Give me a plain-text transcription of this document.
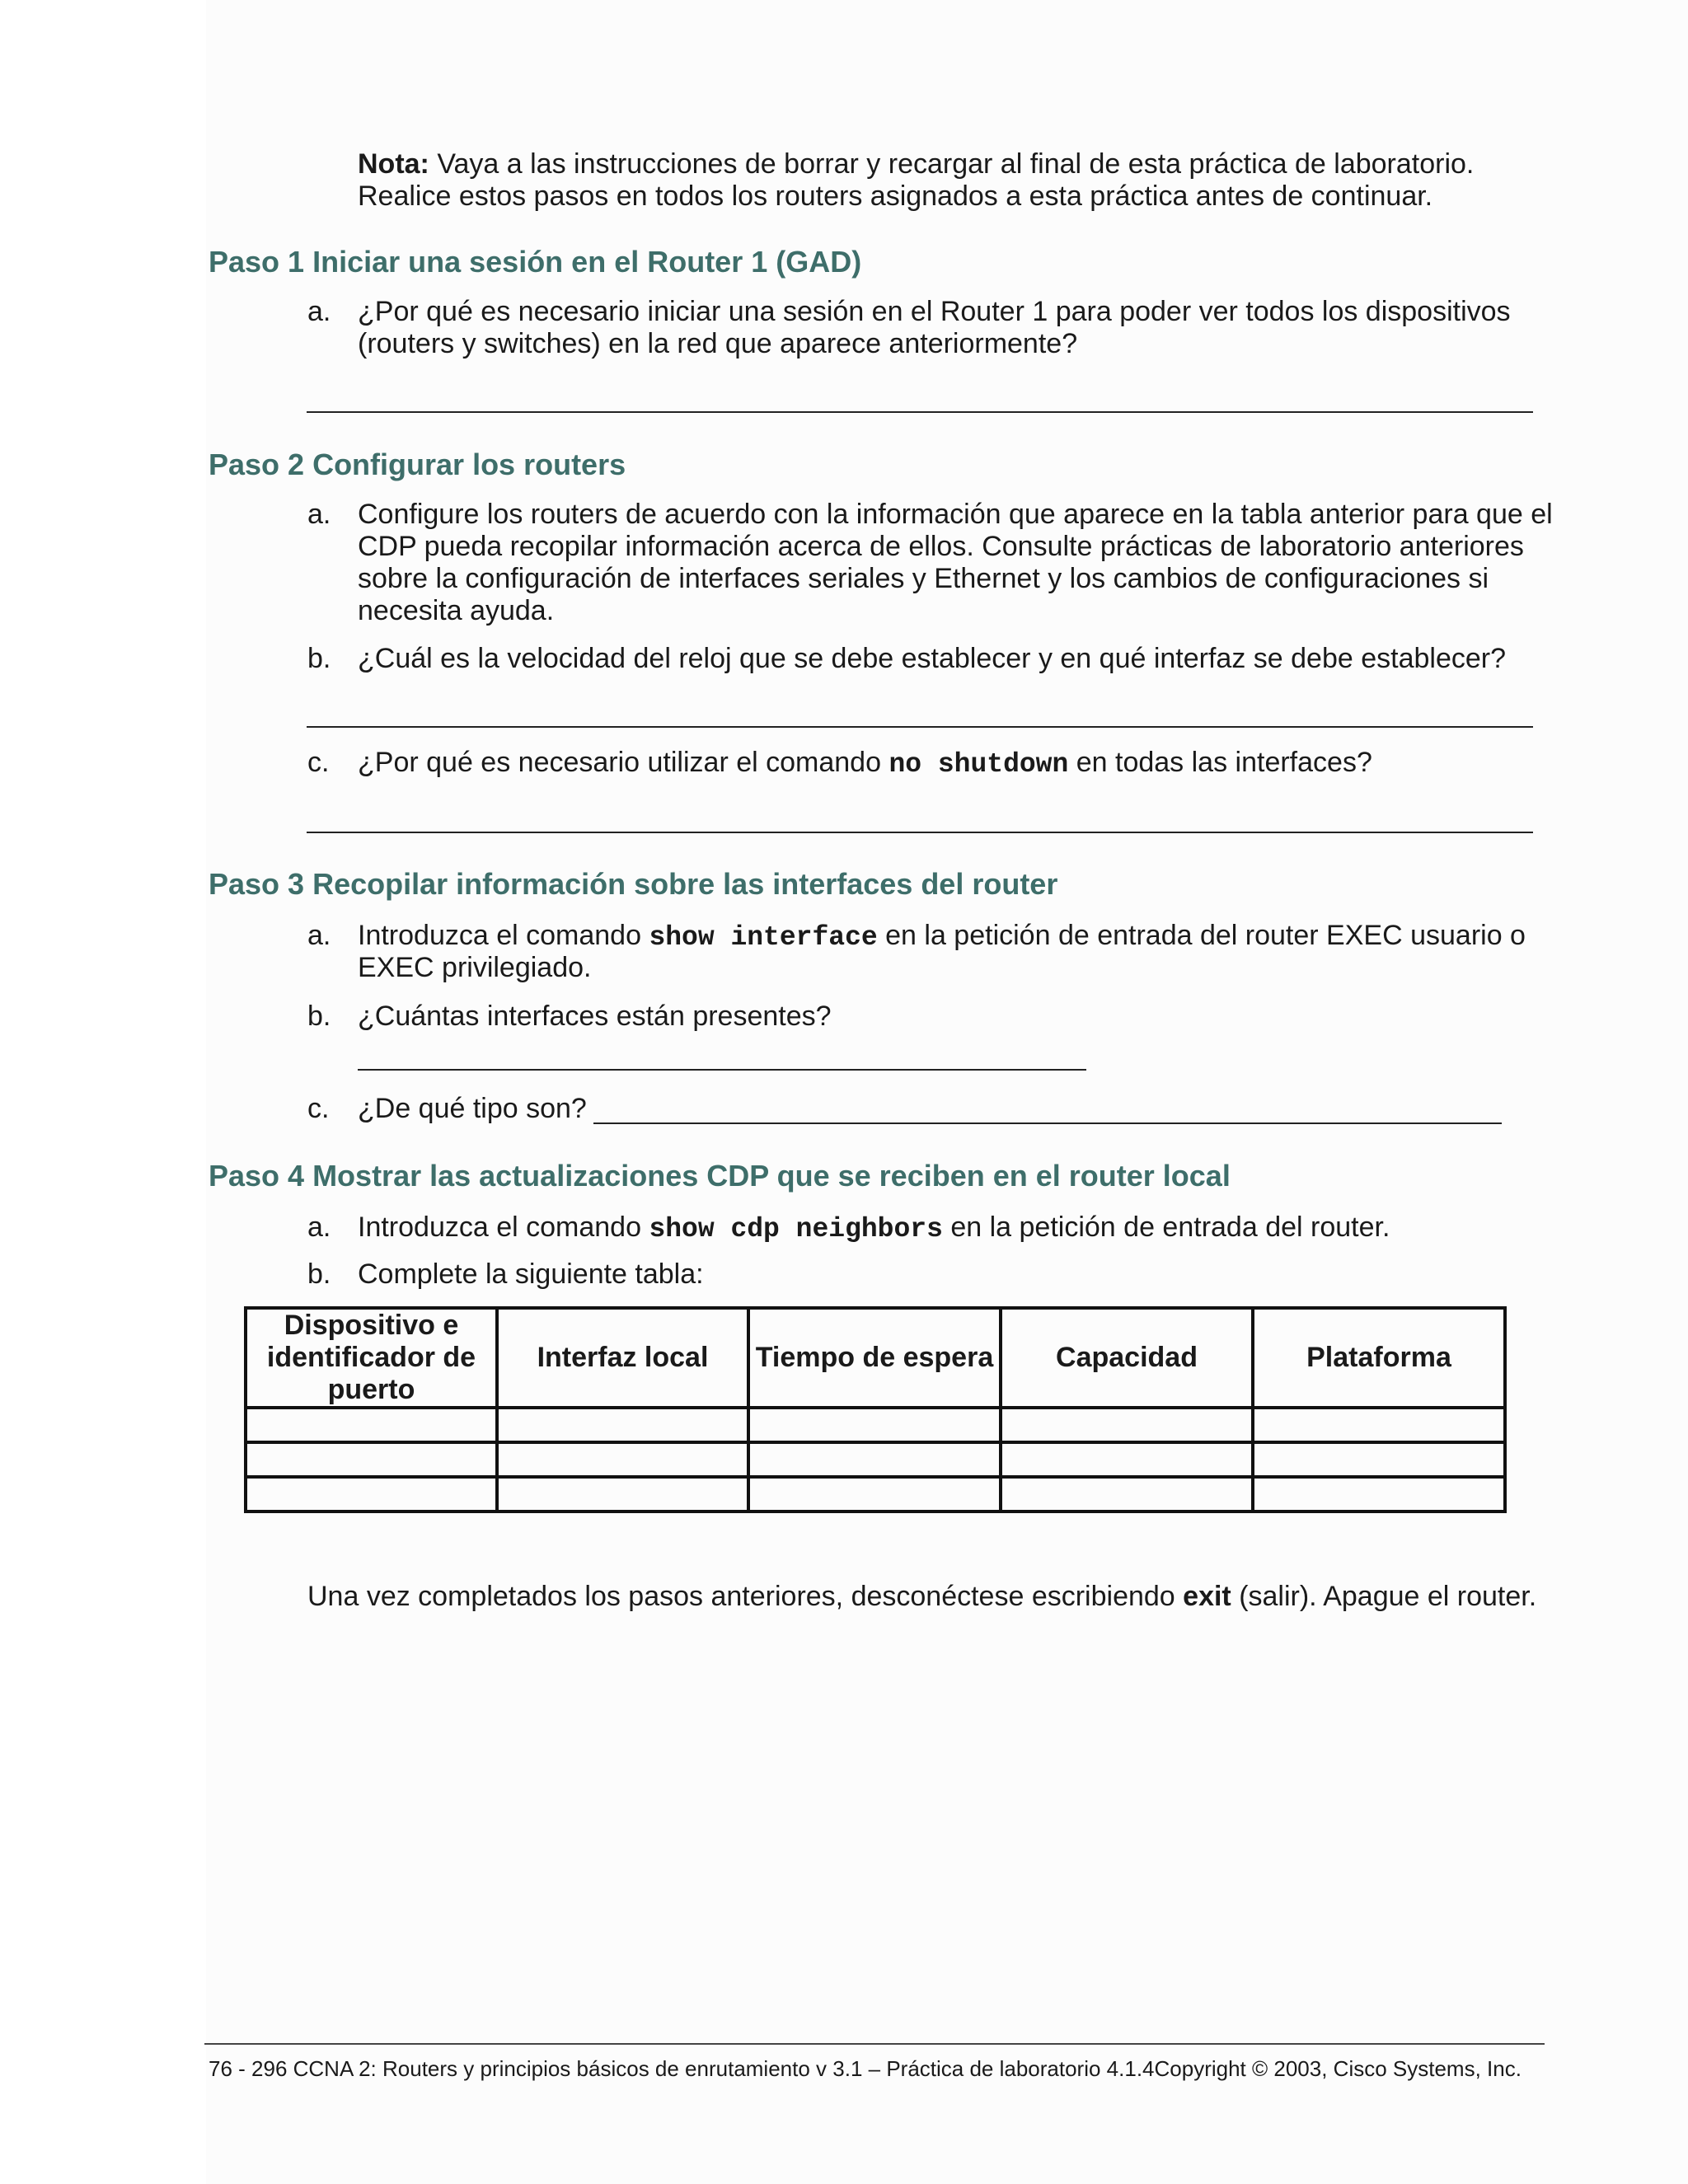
Nota: Vaya a las instrucciones de borrar y recargar al final de esta práctica de laboratorio.
Realice estos pasos en todos los routers asignados a esta práctica antes de continuar.
Paso 1 Iniciar una sesión en el Router 1 (GAD)
a. ¿Por qué es necesario iniciar una sesión en el Router 1 para poder ver todos los dispositivos
(routers y switches) en la red que aparece anteriormente?
Paso 2 Configurar los routers
a. Configure los routers de acuerdo con la información que aparece en la tabla anterior para que el
CDP pueda recopilar información acerca de ellos. Consulte prácticas de laboratorio anteriores
sobre la configuración de interfaces seriales y Ethernet y los cambios de configuraciones si
necesita ayuda.
b. ¿Cuál es la velocidad del reloj que se debe establecer y en qué interfaz se debe establecer?
c. ¿Por qué es necesario utilizar el comando no shutdown en todas las interfaces?
Paso 3 Recopilar información sobre las interfaces del router
a. Introduzca el comando show interface en la petición de entrada del router EXEC usuario o
EXEC privilegiado.
b. ¿Cuántas interfaces están presentes?
c. ¿De qué tipo son?
Paso 4 Mostrar las actualizaciones CDP que se reciben en el router local
a. Introduzca el comando show cdp neighbors en la petición de entrada del router.
b. Complete la siguiente tabla:
Dispositivo e identificador de puerto	Interfaz local	Tiempo de espera	Capacidad	Plataforma

Una vez completados los pasos anteriores, desconéctese escribiendo exit (salir). Apague el router.
76 - 296 CCNA 2: Routers y principios básicos de enrutamiento v 3.1 – Práctica de laboratorio 4.1.4Copyright © 2003, Cisco Systems, Inc.
